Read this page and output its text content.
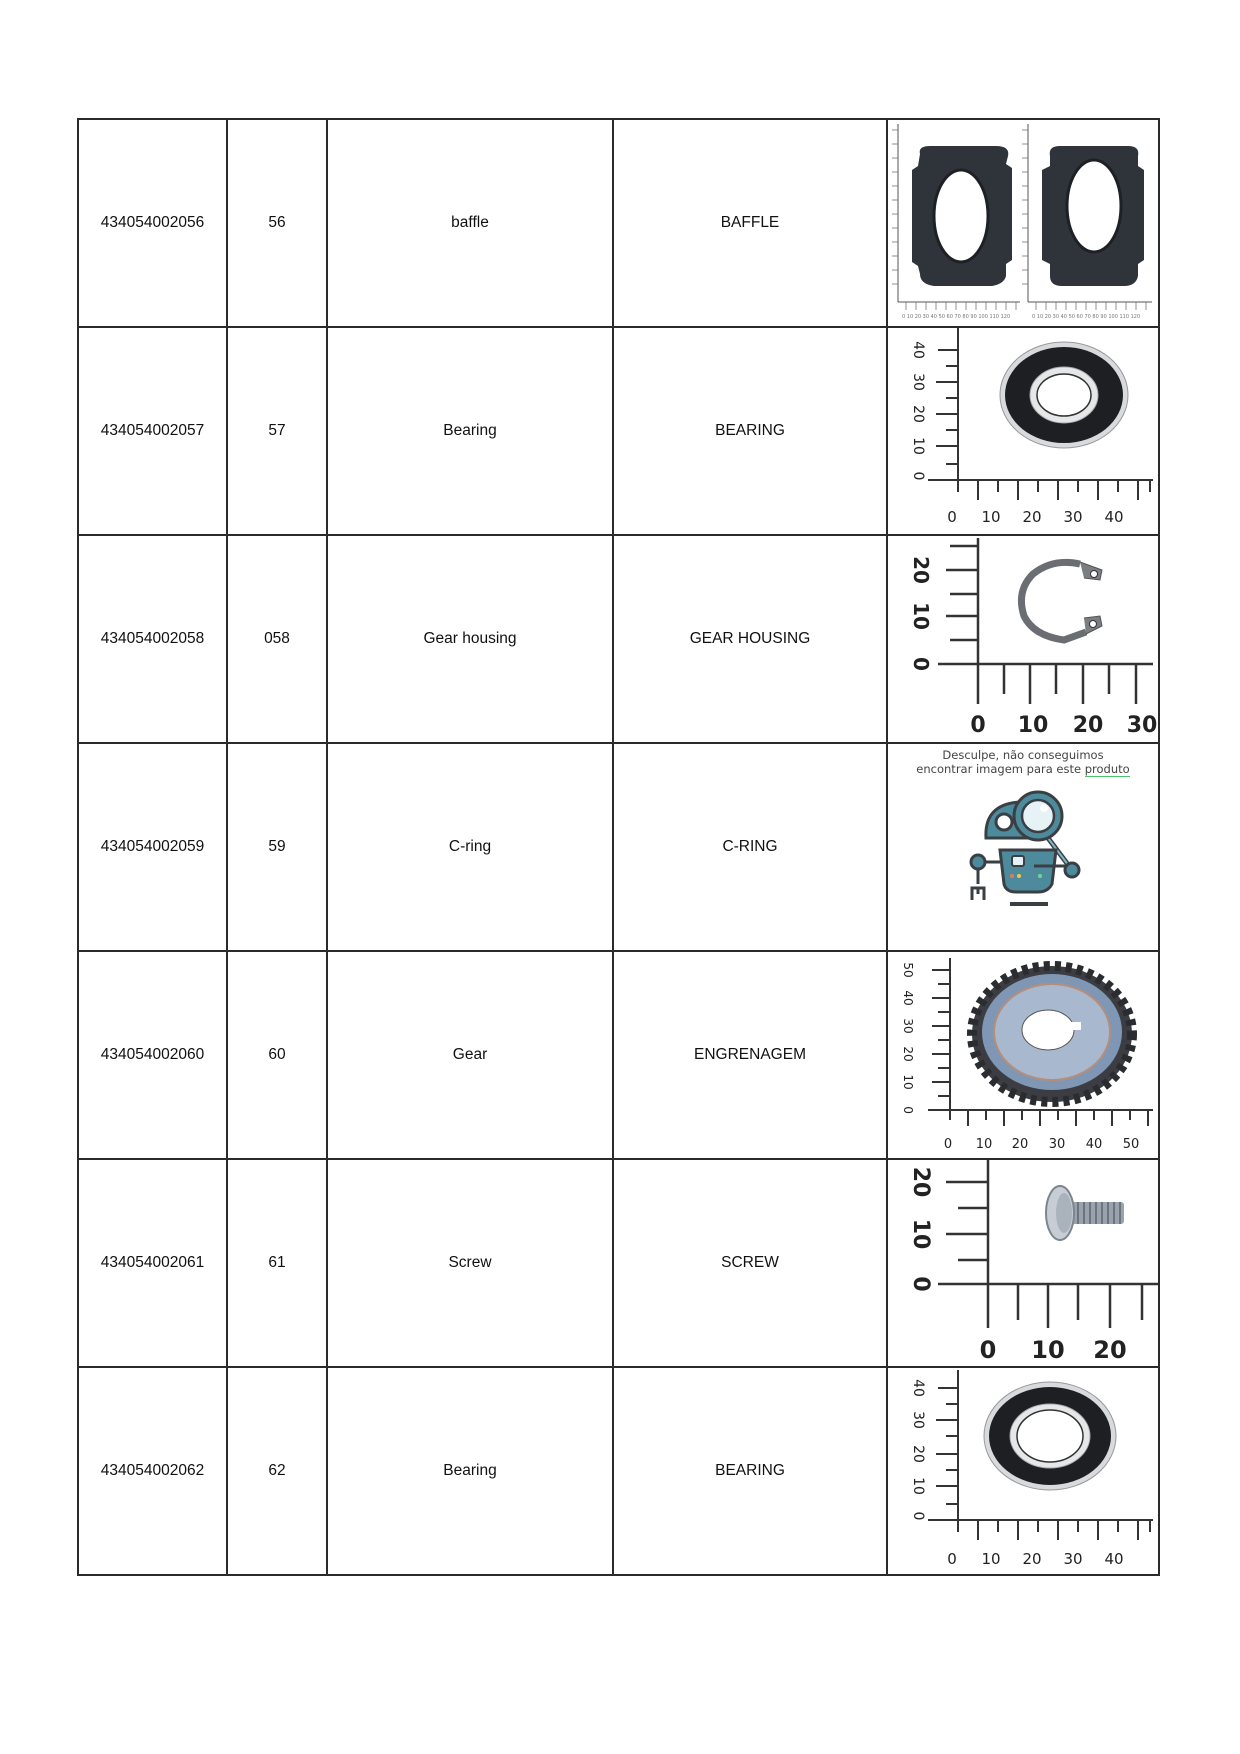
434054002056	56	baffle	BAFFLE	0 10 20 30 40 50 60 70 80 90 100 110 120 0 10 20 30 40 50 60 70 80 90 100 110 120

434054002057	57	Bearing	BEARING	
0 10 20 30 40
0
10
20
30
40

434054002058	058	Gear housing	GEAR HOUSING	
0 10 20 30
0
10
20

434054002059	59	C-ring	C-RING	Desculpe, não conseguimos
encontrar imagem para este produto

434054002060	60	Gear	ENGRENAGEM	
0 10 20 30 40 50
0
10
20
30
40
50

434054002061	61	Screw	SCREW	
0 10 20
0
10
20

434054002062	62	Bearing	BEARING	
0 10 20 30 40
0
10
20
30
40
